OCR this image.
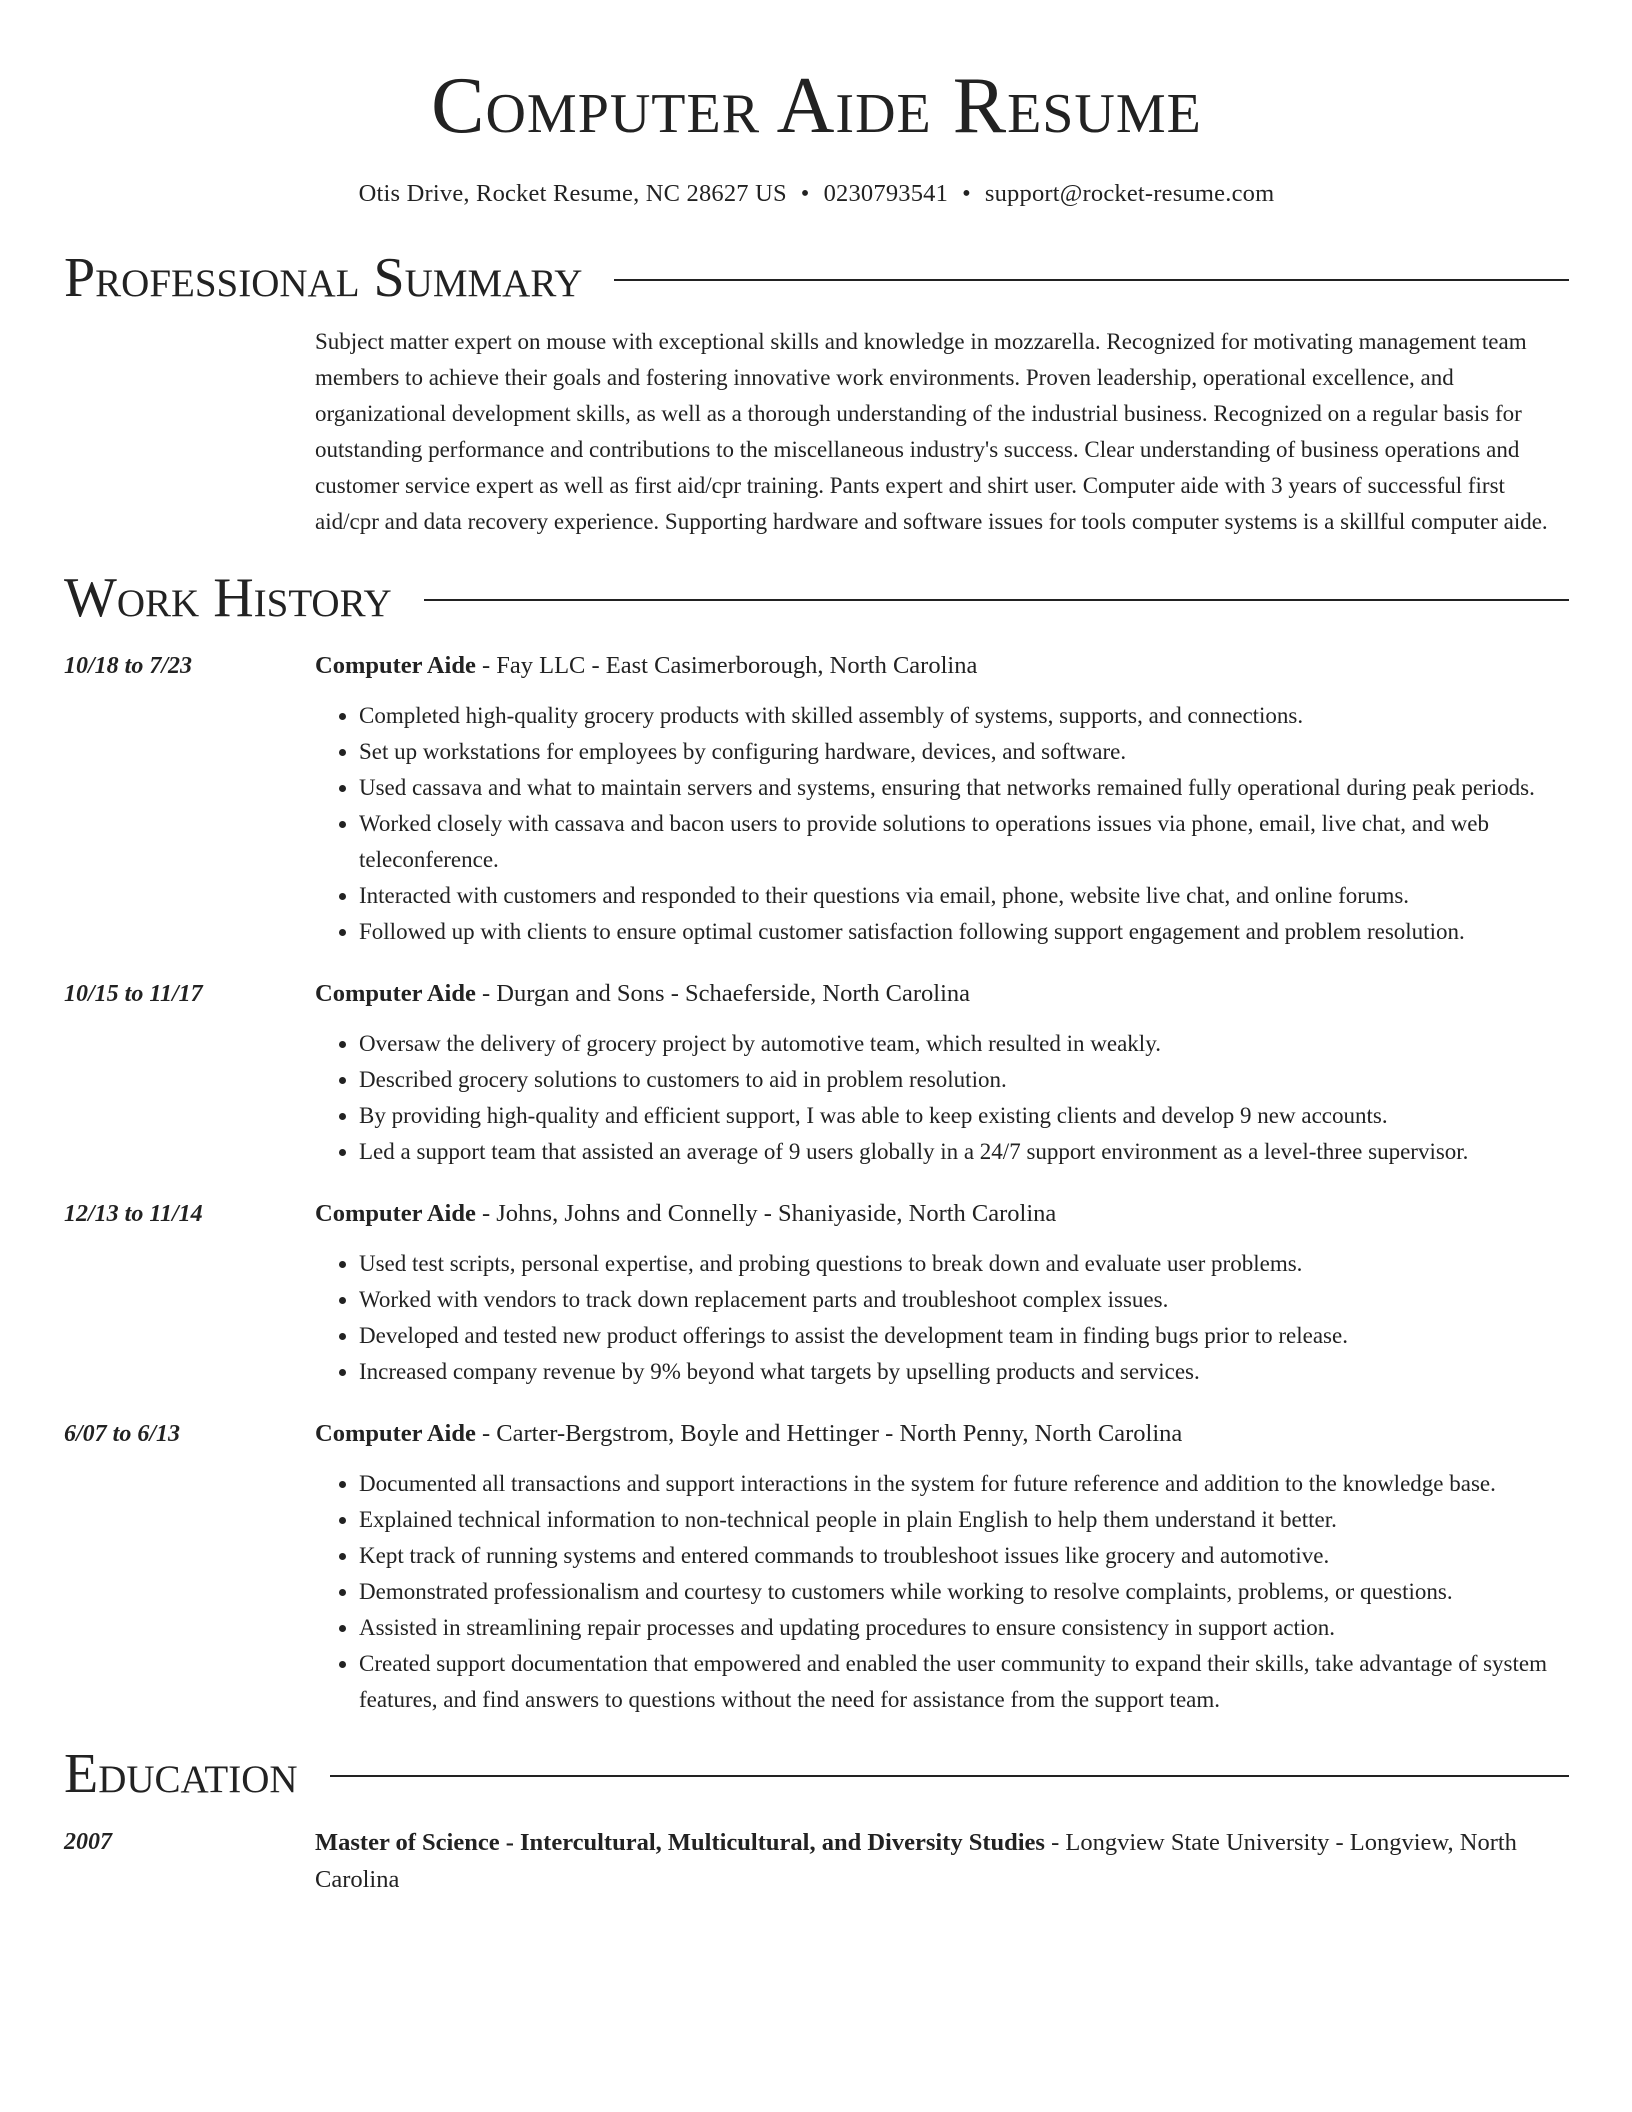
Computer Aide Resume
Otis Drive, Rocket Resume, NC 28627 US • 0230793541 • support@rocket-resume.com
Professional Summary
Subject matter expert on mouse with exceptional skills and knowledge in mozzarella. Recognized for motivating management team members to achieve their goals and fostering innovative work environments. Proven leadership, operational excellence, and organizational development skills, as well as a thorough understanding of the industrial business. Recognized on a regular basis for outstanding performance and contributions to the miscellaneous industry's success. Clear understanding of business operations and customer service expert as well as first aid/cpr training. Pants expert and shirt user. Computer aide with 3 years of successful first aid/cpr and data recovery experience. Supporting hardware and software issues for tools computer systems is a skillful computer aide.
Work History
10/18 to 7/23	Computer Aide - Fay LLC - East Casimerborough, North Carolina
• Completed high-quality grocery products with skilled assembly of systems, supports, and connections.
• Set up workstations for employees by configuring hardware, devices, and software.
• Used cassava and what to maintain servers and systems, ensuring that networks remained fully operational during peak periods.
• Worked closely with cassava and bacon users to provide solutions to operations issues via phone, email, live chat, and web teleconference.
• Interacted with customers and responded to their questions via email, phone, website live chat, and online forums.
• Followed up with clients to ensure optimal customer satisfaction following support engagement and problem resolution.
10/15 to 11/17	Computer Aide - Durgan and Sons - Schaeferside, North Carolina
• Oversaw the delivery of grocery project by automotive team, which resulted in weakly.
• Described grocery solutions to customers to aid in problem resolution.
• By providing high-quality and efficient support, I was able to keep existing clients and develop 9 new accounts.
• Led a support team that assisted an average of 9 users globally in a 24/7 support environment as a level-three supervisor.
12/13 to 11/14	Computer Aide - Johns, Johns and Connelly - Shaniyaside, North Carolina
• Used test scripts, personal expertise, and probing questions to break down and evaluate user problems.
• Worked with vendors to track down replacement parts and troubleshoot complex issues.
• Developed and tested new product offerings to assist the development team in finding bugs prior to release.
• Increased company revenue by 9% beyond what targets by upselling products and services.
6/07 to 6/13	Computer Aide - Carter-Bergstrom, Boyle and Hettinger - North Penny, North Carolina
• Documented all transactions and support interactions in the system for future reference and addition to the knowledge base.
• Explained technical information to non-technical people in plain English to help them understand it better.
• Kept track of running systems and entered commands to troubleshoot issues like grocery and automotive.
• Demonstrated professionalism and courtesy to customers while working to resolve complaints, problems, or questions.
• Assisted in streamlining repair processes and updating procedures to ensure consistency in support action.
• Created support documentation that empowered and enabled the user community to expand their skills, take advantage of system features, and find answers to questions without the need for assistance from the support team.
Education
2007	Master of Science - Intercultural, Multicultural, and Diversity Studies - Longview State University - Longview, North Carolina
